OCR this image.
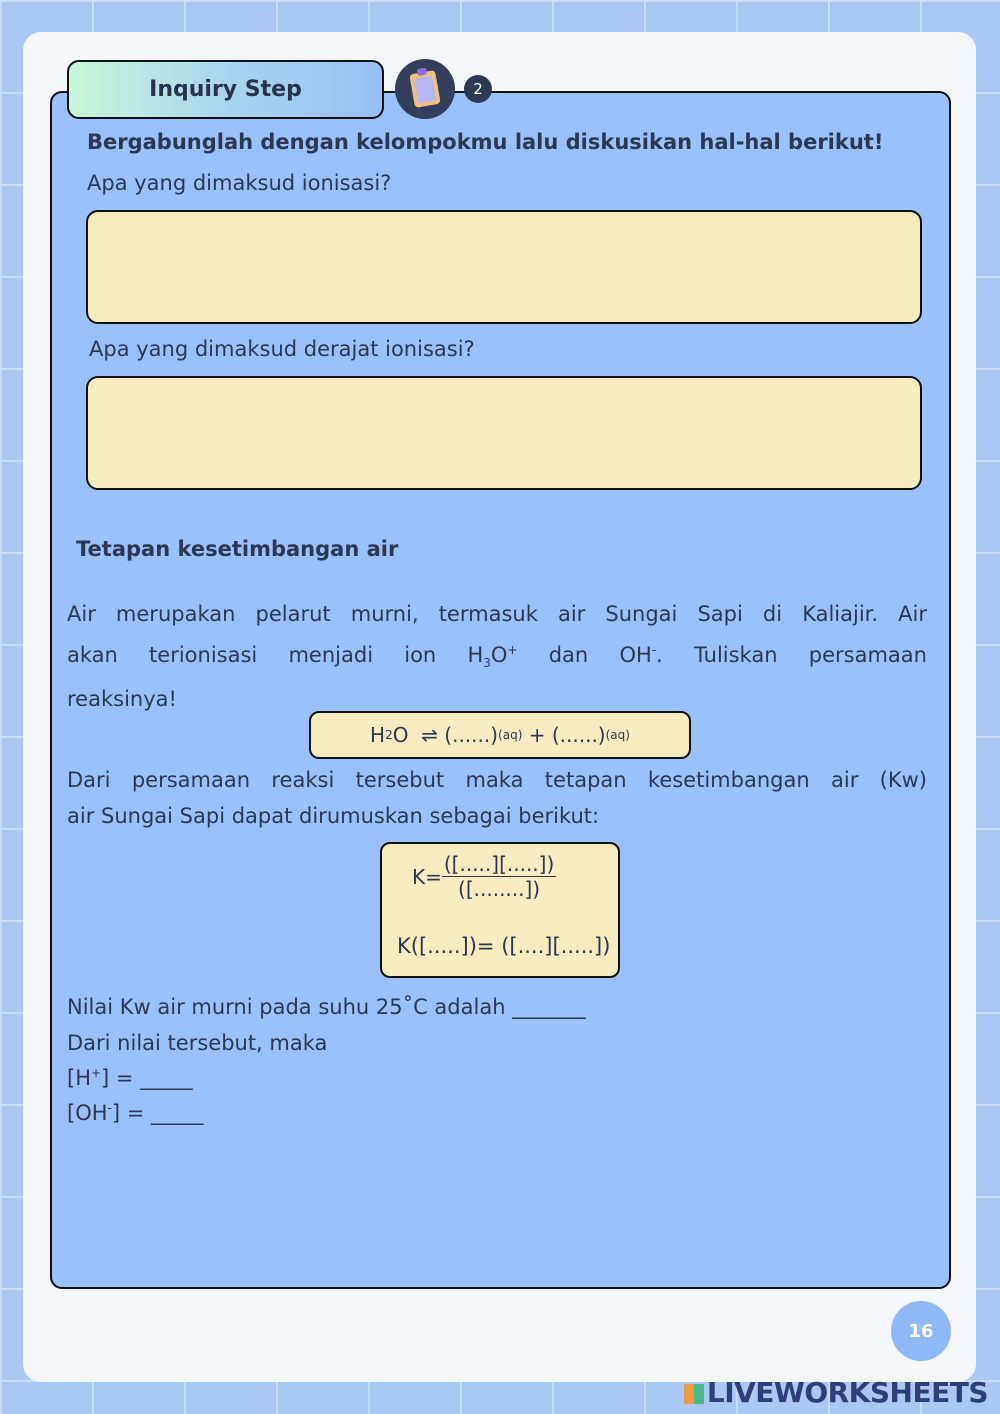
Inquiry Step	2
Bergabunglah dengan kelompokmu lalu diskusikan hal-hal berikut!
Apa yang dimaksud ionisasi?
Apa yang dimaksud derajat ionisasi?
Tetapan kesetimbangan air
Air merupakan pelarut murni, termasuk air Sungai Sapi di Kaliajir. Air
akan terionisasi menjadi ion $H_3O^+$ dan OH-. Tuliskan persamaan
reaksinya!
H 2 O  ⇌ (......) (aq) + (......) (aq)
Dari persamaan reaksi tersebut maka tetapan kesetimbangan air (Kw)
air Sungai Sapi dapat dirumuskan sebagai berikut:
$K= \frac{([.....][.....])}{([........])}$
K([.....])= ([....][.....])
Nilai Kw air murni pada suhu 25˚C adalah _______
Dari nilai tersebut, maka
[H+] = _____
[OH-] = _____
16
LIVEWORKSHEETS
